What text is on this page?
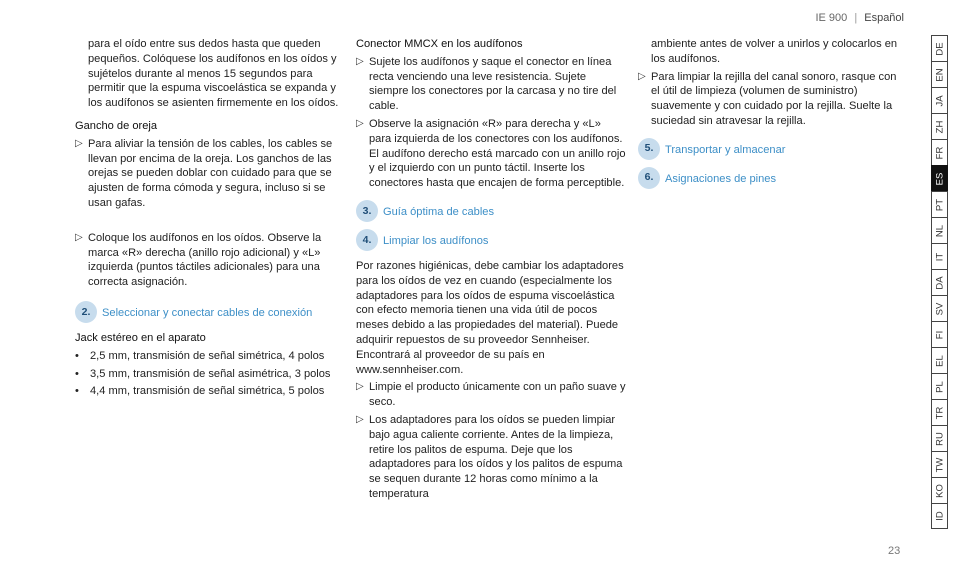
IE 900 | Español

para el oído entre sus dedos hasta que queden pequeños. Colóquese los audífonos en los oídos y sujételos durante al menos 15 segundos para permitir que la espuma viscoelástica se expanda y los audífonos se asienten firmemente en los oídos.

Gancho de oreja

▷ Para aliviar la tensión de los cables, los cables se llevan por encima de la oreja. Los ganchos de las orejas se pueden doblar con cuidado para que se ajusten de forma cómoda y segura, incluso si se usan gafas.
▷ Coloque los audífonos en los oídos. Observe la marca «R» derecha (anillo rojo adicional) y «L» izquierda (puntos táctiles adicionales) para una correcta asignación.
2.	Seleccionar y conectar cables de conexión

Jack estéreo en el aparato

• 2,5 mm, transmisión de señal simétrica, 4 polos
• 3,5 mm, transmisión de señal asimétrica, 3 polos
• 4,4 mm, transmisión de señal simétrica, 5 polos

Conector MMCX en los audífonos

▷ Sujete los audífonos y saque el conector en línea recta venciendo una leve resistencia. Sujete siempre los conectores por la carcasa y no tire del cable.
▷ Observe la asignación «R» para derecha y «L» para izquierda de los conectores con los audífonos. El audífono derecho está marcado con un anillo rojo y el izquierdo con un punto táctil. Inserte los conectores hasta que encajen de forma perceptible.
3.	Guía óptima de cables
4.	Limpiar los audífonos

Por razones higiénicas, debe cambiar los adaptadores para los oídos de vez en cuando (especialmente los adaptadores para los oídos de espuma viscoelástica con efecto memoria tienen una vida útil de pocos meses debido a las propiedades del material). Puede adquirir repuestos de su proveedor Sennheiser. Encontrará al proveedor de su país en www.sennheiser.com.

▷ Limpie el producto únicamente con un paño suave y seco.
▷ Los adaptadores para los oídos se pueden limpiar bajo agua caliente corriente. Antes de la limpieza, retire los palitos de espuma. Deje que los adaptadores para los oídos y los palitos de espuma se sequen durante 12 horas como mínimo a la temperatura

ambiente antes de volver a unirlos y colocarlos en los audífonos.

▷ Para limpiar la rejilla del canal sonoro, rasque con el útil de limpieza (volumen de suministro) suavemente y con cuidado por la rejilla. Suelte la suciedad sin atravesar la rejilla.
5.	Transportar y almacenar
6.	Asignaciones de pines
DE
EN
JA
ZH
FR
ES
PT
NL
IT
DA
SV
FI
EL
PL
TR
RU
TW
KO
ID
23
